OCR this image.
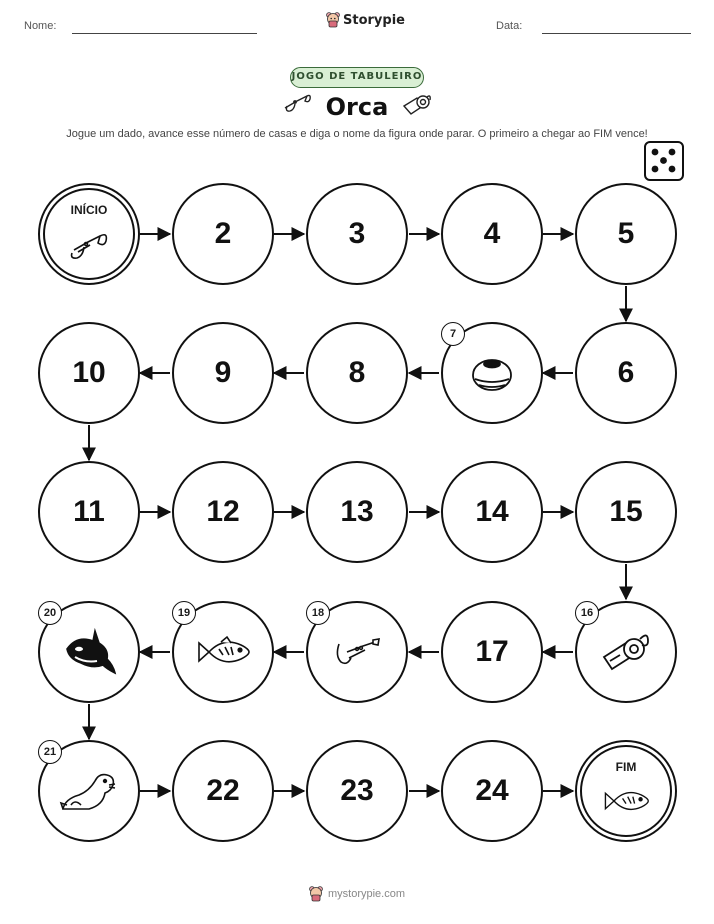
Nome:	Storypie	Data:
JOGO DE TABULEIRO
Orca
Jogue um dado, avance esse número de casas e diga o nome da figura onde parar. O primeiro a chegar ao FIM vence!
INÍCIO
2	3	4	5
10	9	8
7
6
11	12	13	14	15
20	19	18
17
16
21
22	23	24
FIM
mystorypie.com
